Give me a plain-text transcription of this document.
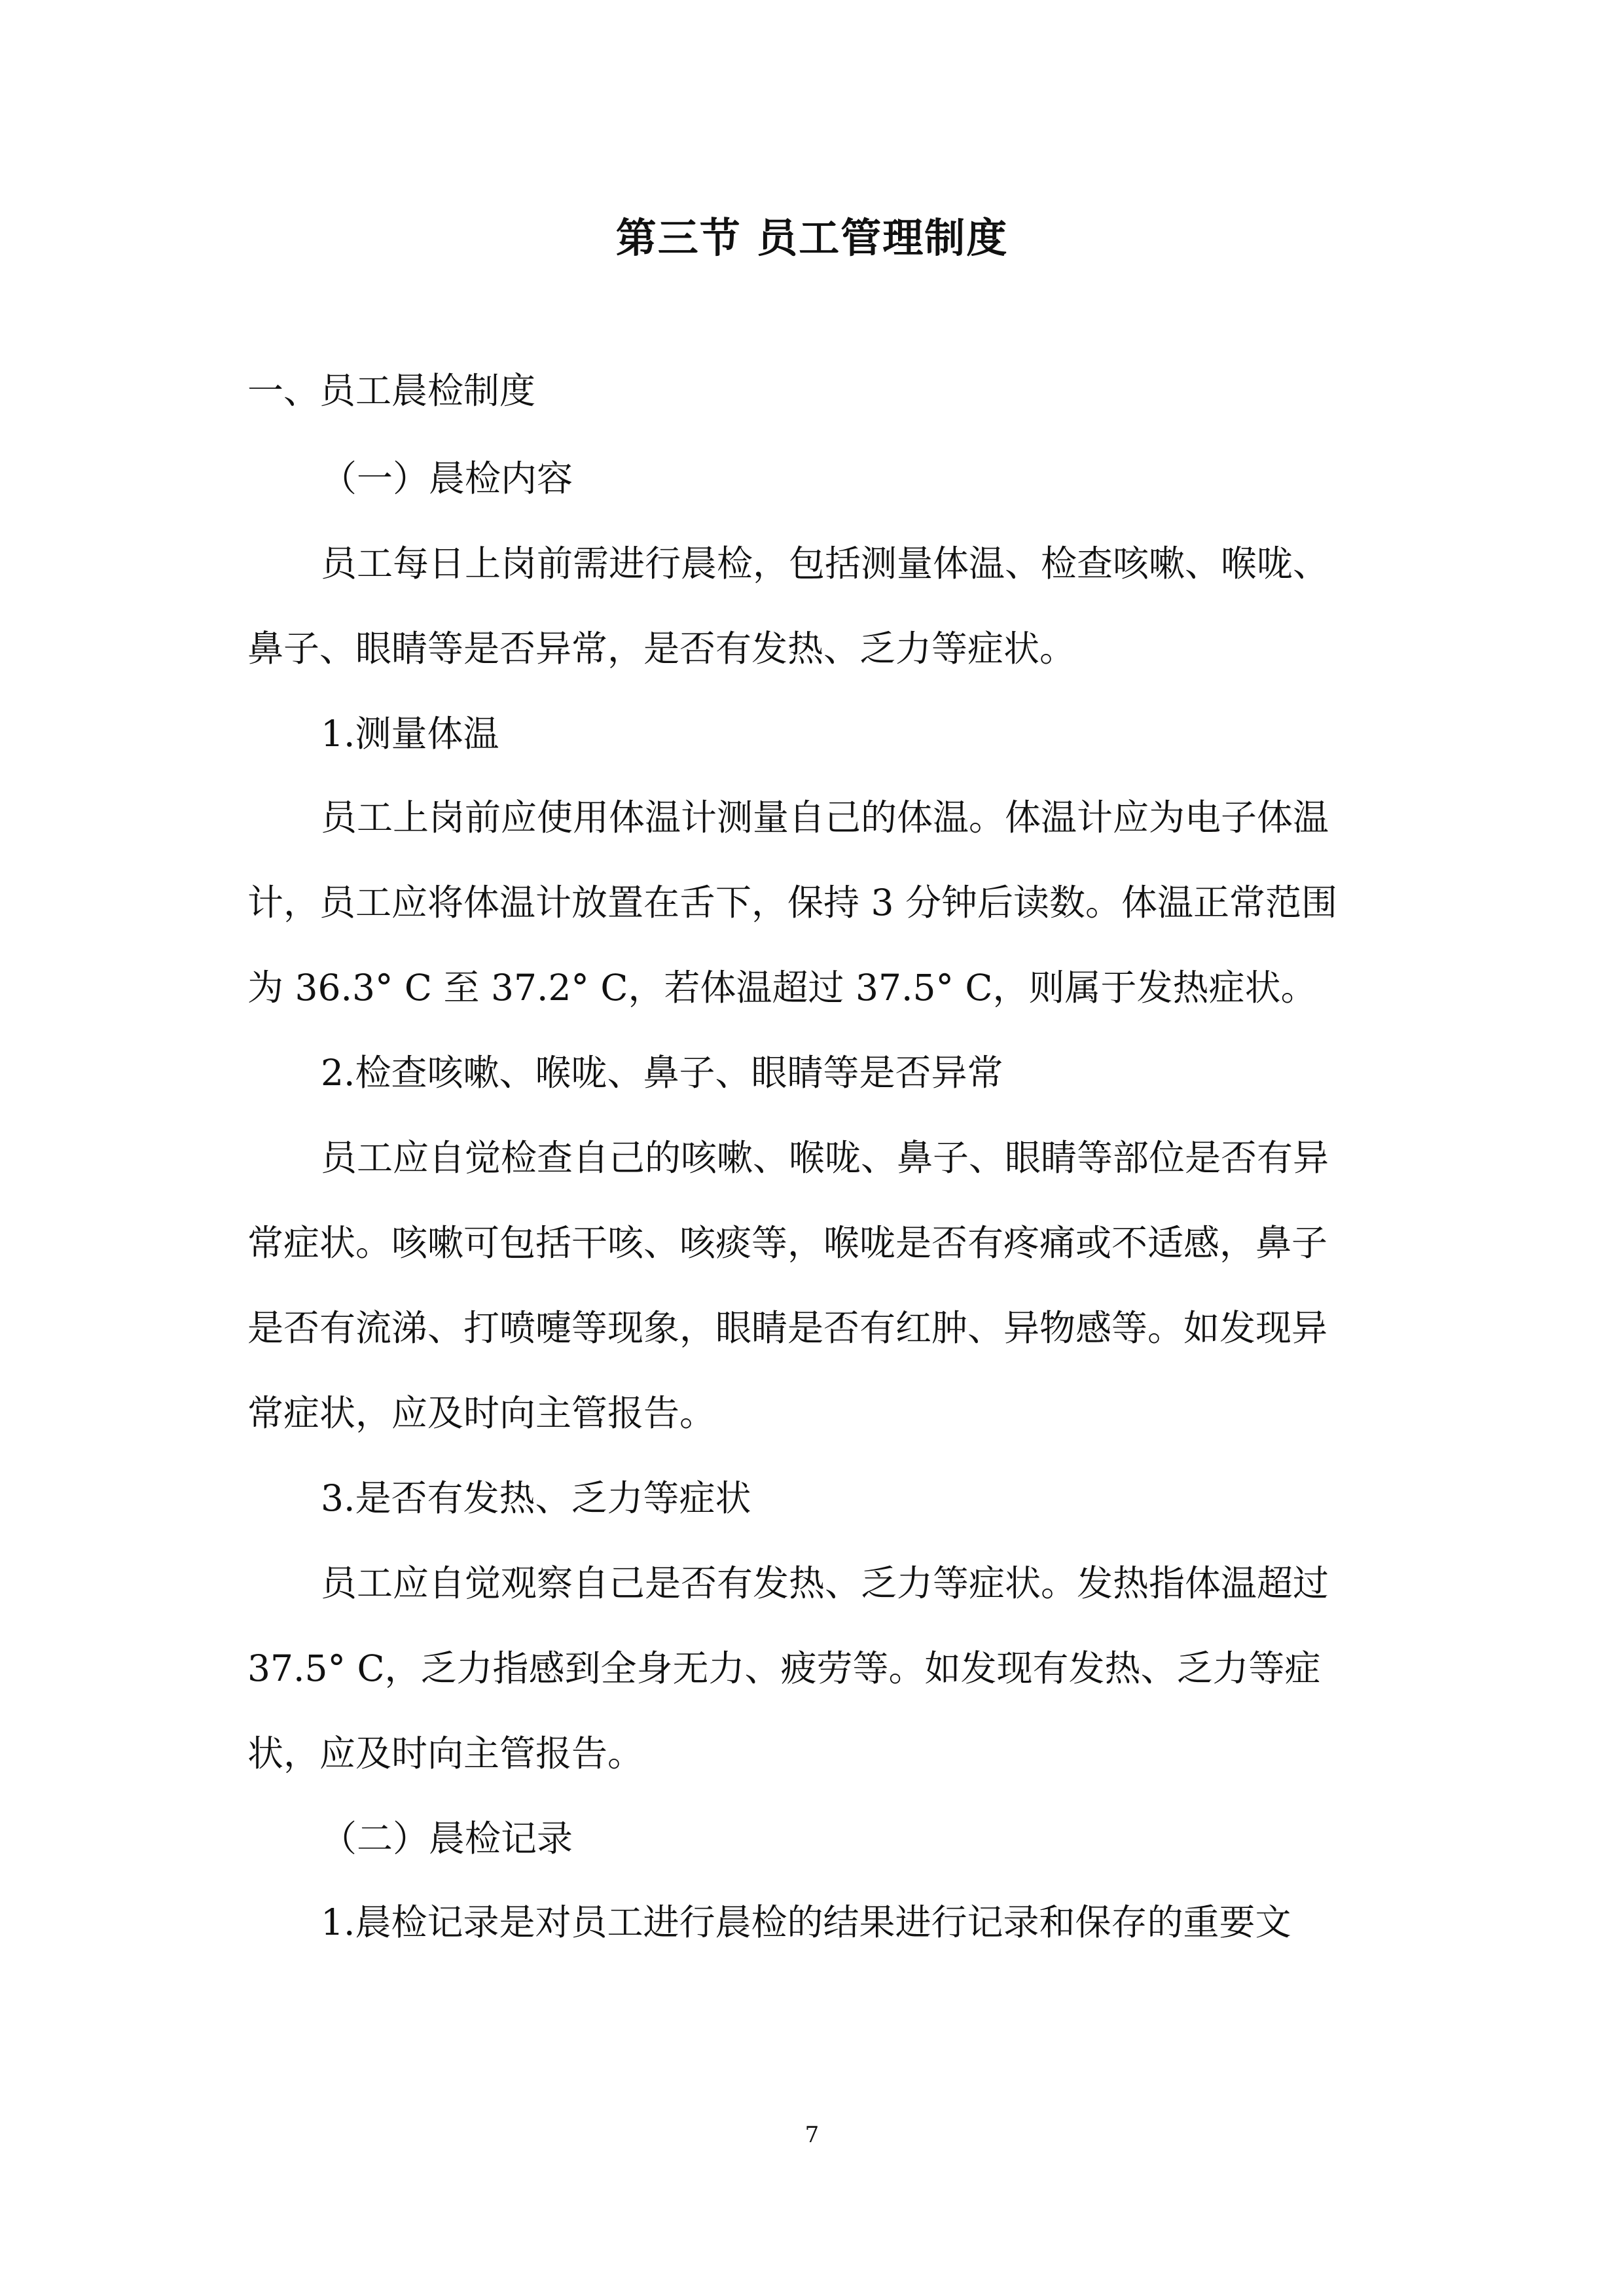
第三节 员工管理制度
一、员工晨检制度
（一）晨检内容
员工每日上岗前需进行晨检，包括测量体温、检查咳嗽、喉咙、
鼻子、眼睛等是否异常，是否有发热、乏力等症状。
1.测量体温
员工上岗前应使用体温计测量自己的体温。体温计应为电子体温
计，员工应将体温计放置在舌下，保持 3 分钟后读数。体温正常范围
为 36.3° C 至 37.2° C，若体温超过 37.5° C，则属于发热症状。
2.检查咳嗽、喉咙、鼻子、眼睛等是否异常
员工应自觉检查自己的咳嗽、喉咙、鼻子、眼睛等部位是否有异
常症状。咳嗽可包括干咳、咳痰等，喉咙是否有疼痛或不适感，鼻子
是否有流涕、打喷嚏等现象，眼睛是否有红肿、异物感等。如发现异
常症状，应及时向主管报告。
3.是否有发热、乏力等症状
员工应自觉观察自己是否有发热、乏力等症状。发热指体温超过
37.5° C，乏力指感到全身无力、疲劳等。如发现有发热、乏力等症
状，应及时向主管报告。
（二）晨检记录
1.晨检记录是对员工进行晨检的结果进行记录和保存的重要文
7
